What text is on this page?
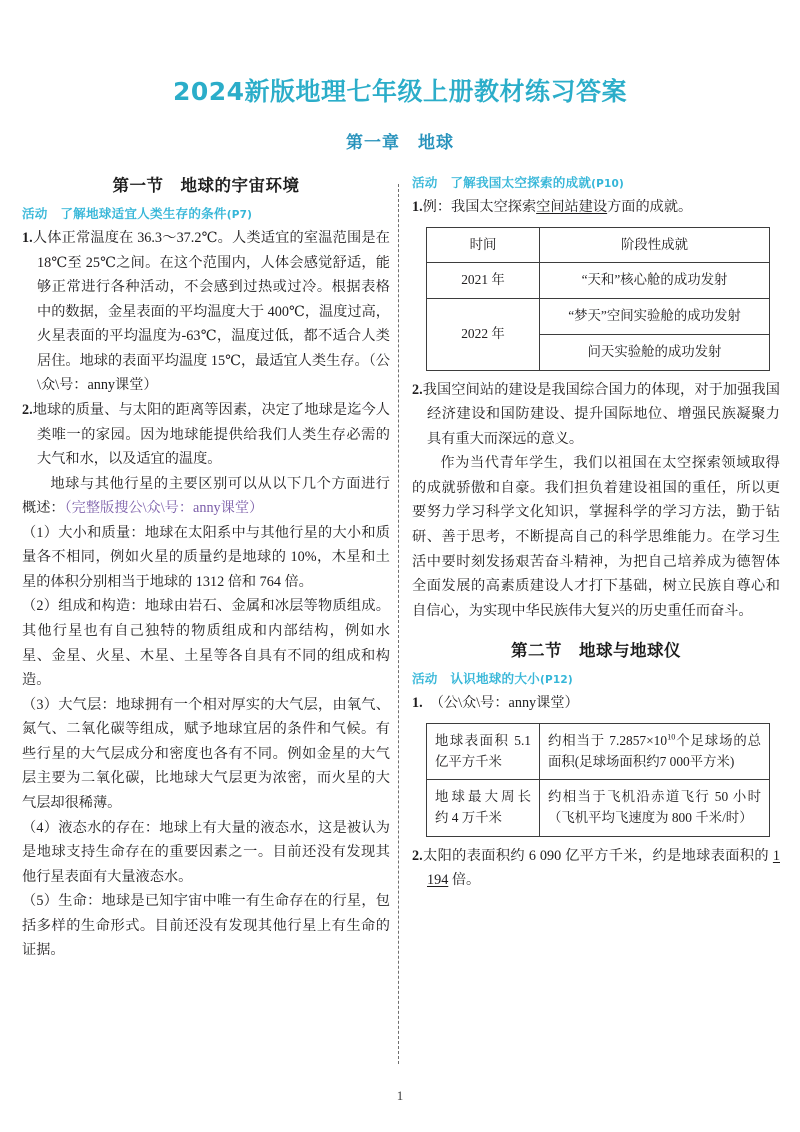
2024新版地理七年级上册教材练习答案
第一章　地球
第一节　地球的宇宙环境
活动　了解地球适宜人类生存的条件(P7)

1.人体正常温度在 36.3～37.2℃。人类适宜的室温范围是在 18℃至 25℃之间。在这个范围内，人体会感觉舒适，能够正常进行各种活动，不会感到过热或过冷。根据表格中的数据，金星表面的平均温度大于 400℃，温度过高，火星表面的平均温度为-63℃，温度过低，都不适合人类居住。地球的表面平均温度 15℃，最适宜人类生存。（公\众\号：anny课堂）

2.地球的质量、与太阳的距离等因素，决定了地球是迄今人类唯一的家园。因为地球能提供给我们人类生存必需的大气和水，以及适宜的温度。

地球与其他行星的主要区别可以从以下几个方面进行概述：（完整版搜公\众\号：anny课堂）

（1）大小和质量：地球在太阳系中与其他行星的大小和质量各不相同，例如火星的质量约是地球的 10%，木星和土星的体积分别相当于地球的 1312 倍和 764 倍。

（2）组成和构造：地球由岩石、金属和冰层等物质组成。其他行星也有自己独特的物质组成和内部结构，例如水星、金星、火星、木星、土星等各自具有不同的组成和构造。

（3）大气层：地球拥有一个相对厚实的大气层，由氧气、氮气、二氧化碳等组成，赋予地球宜居的条件和气候。有些行星的大气层成分和密度也各有不同。例如金星的大气层主要为二氧化碳，比地球大气层更为浓密，而火星的大气层却很稀薄。

（4）液态水的存在：地球上有大量的液态水，这是被认为是地球支持生命存在的重要因素之一。目前还没有发现其他行星表面有大量液态水。

（5）生命：地球是已知宇宙中唯一有生命存在的行星，包括多样的生命形式。目前还没有发现其他行星上有生命的证据。

活动　了解我国太空探索的成就(P10)

1.例：我国太空探索空间站建设方面的成就。

时间	阶段性成就
2021 年	“天和”核心舱的成功发射
2022 年	“梦天”空间实验舱的成功发射
	问天实验舱的成功发射

2.我国空间站的建设是我国综合国力的体现，对于加强我国经济建设和国防建设、提升国际地位、增强民族凝聚力具有重大而深远的意义。

作为当代青年学生，我们以祖国在太空探索领域取得的成就骄傲和自豪。我们担负着建设祖国的重任，所以更要努力学习科学文化知识，掌握科学的学习方法，勤于钻研、善于思考，不断提高自己的科学思维能力。在学习生活中要时刻发扬艰苦奋斗精神，为把自己培养成为德智体全面发展的高素质建设人才打下基础，树立民族自尊心和自信心，为实现中华民族伟大复兴的历史重任而奋斗。

第二节　地球与地球仪
活动　认识地球的大小(P12)

1. （公\众\号：anny课堂）

地球表面积 5.1 亿平方千米	约相当于 $7.2857\times 10^{10}$个足球场的总面积(足球场面积约7 000平方米)
地球最大周长 约 4 万千米	约相当于飞机沿赤道飞行 50 小时（飞机平均飞速度为 800 千米/时）

2.太阳的表面积约 6 090 亿平方千米，约是地球表面积的 1 194 倍。

1
